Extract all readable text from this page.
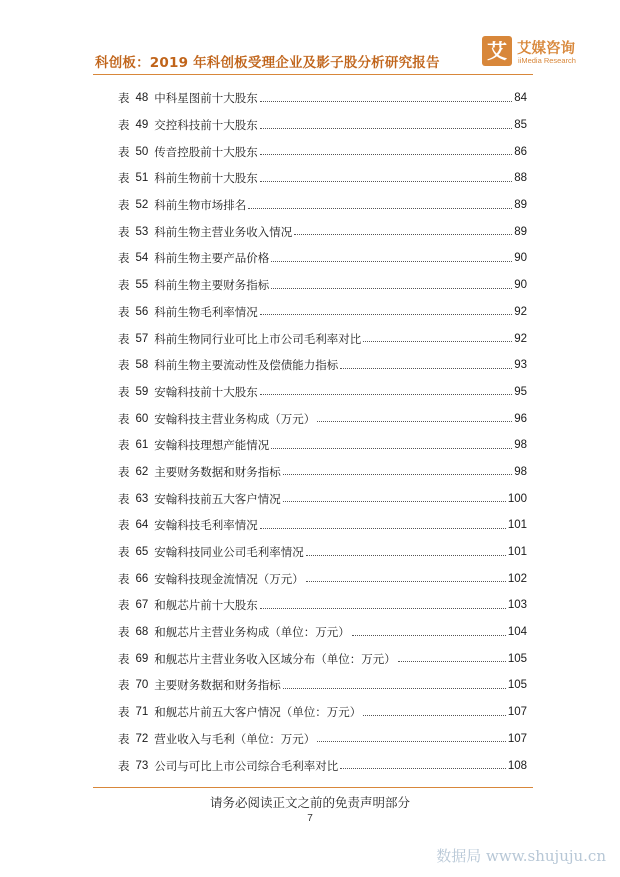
科创板：2019 年科创板受理企业及影子股分析研究报告 艾 艾媒咨询
iiMedia Research
表 48 中科星图前十大股东	84
表 49 交控科技前十大股东	85
表 50 传音控股前十大股东	86
表 51 科前生物前十大股东	88
表 52 科前生物市场排名	89
表 53 科前生物主营业务收入情况	89
表 54 科前生物主要产品价格	90
表 55 科前生物主要财务指标	90
表 56 科前生物毛利率情况	92
表 57 科前生物同行业可比上市公司毛利率对比	92
表 58 科前生物主要流动性及偿债能力指标	93
表 59 安翰科技前十大股东	95
表 60 安翰科技主营业务构成（万元）	96
表 61 安翰科技理想产能情况	98
表 62 主要财务数据和财务指标	98
表 63 安翰科技前五大客户情况	100
表 64 安翰科技毛利率情况	101
表 65 安翰科技同业公司毛利率情况	101
表 66 安翰科技现金流情况（万元）	102
表 67 和舰芯片前十大股东	103
表 68 和舰芯片主营业务构成（单位：万元）	104
表 69 和舰芯片主营业务收入区域分布（单位：万元）	105
表 70 主要财务数据和财务指标	105
表 71 和舰芯片前五大客户情况（单位：万元）	107
表 72 营业收入与毛利（单位：万元）	107
表 73 公司与可比上市公司综合毛利率对比	108
请务必阅读正文之前的免责声明部分
7
数据局 www.shujuju.cn
